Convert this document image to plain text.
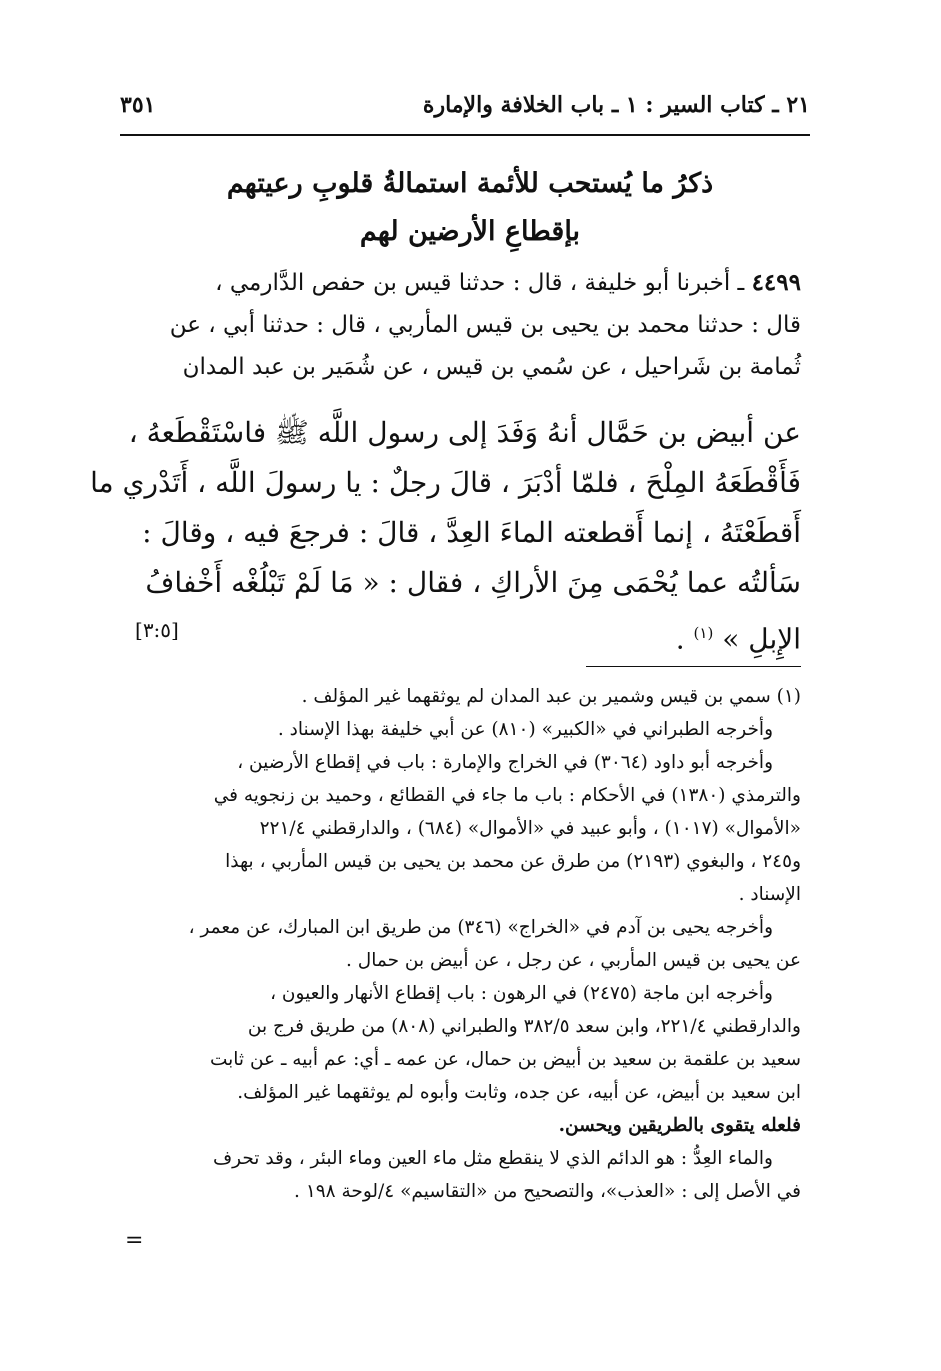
٢١ ـ كتاب السير : ١ ـ باب الخلافة والإمارة
٣٥١
ذكرُ ما يُستحب للأئمة استمالةُ قلوبِ رعيتهم
بإقطاعِ الأرضين لهم
٤٤٩٩ ـ أخبرنا أبو خليفة ، قال : حدثنا قيس بن حفص الدَّارمي ،
قال : حدثنا محمد بن يحيى بن قيس المأربي ، قال : حدثنا أبي ، عن
ثُمامة بن شَراحيل ، عن سُمي بن قيس ، عن شُمَير بن عبد المدان
عن أبيض بن حَمَّال أنهُ وَفَدَ إلى رسول اللَّه ﷺ فاسْتَقْطَعهُ ،
فَأَقْطَعَهُ المِلْحَ ، فلمّا أدْبَرَ ، قالَ رجلٌ : يا رسولَ اللَّه ، أَتَدْري ما
أَقطَعْتَهُ ، إنما أَقطعته الماءَ العِدَّ ، قالَ : فرجعَ فيه ، وقالَ :
سَألتُه عما يُحْمَى مِنَ الأراكِ ، فقال : « مَا لَمْ تَبْلُغْه أَخْفافُ
الإِبلِ » $^{(١)}$ .
[٣:٥]
(١) سمي بن قيس وشمير بن عبد المدان لم يوثقهما غير المؤلف .
وأخرجه الطبراني في «الكبير» (٨١٠) عن أبي خليفة بهذا الإسناد .
وأخرجه أبو داود (٣٠٦٤) في الخراج والإمارة : باب في إقطاع الأرضين ،
والترمذي (١٣٨٠) في الأحكام : باب ما جاء في القطائع ، وحميد بن زنجويه في
«الأموال» (١٠١٧) ، وأبو عبيد في «الأموال» (٦٨٤) ، والدارقطني ٢٢١/٤
و٢٤٥ ، والبغوي (٢١٩٣) من طرق عن محمد بن يحيى بن قيس المأربي ، بهذا
الإسناد .
وأخرجه يحيى بن آدم في «الخراج» (٣٤٦) من طريق ابن المبارك، عن معمر ،
عن يحيى بن قيس المأربي ، عن رجل ، عن أبيض بن حمال .
وأخرجه ابن ماجة (٢٤٧٥) في الرهون : باب إقطاع الأنهار والعيون ،
والدارقطني ٢٢١/٤، وابن سعد ٣٨٢/٥ والطبراني (٨٠٨) من طريق فرج بن
سعيد بن علقمة بن سعيد بن أبيض بن حمال، عن عمه ـ أي: عم أبيه ـ عن ثابت
ابن سعيد بن أبيض، عن أبيه، عن جده، وثابت وأبوه لم يوثقهما غير المؤلف.
فلعله يتقوى بالطريقين ويحسن.
والماء العِدُّ : هو الدائم الذي لا ينقطع مثل ماء العين وماء البئر ، وقد تحرف
في الأصل إلى : «العذب»، والتصحيح من «التقاسيم» ٤/لوحة ١٩٨ .
=
